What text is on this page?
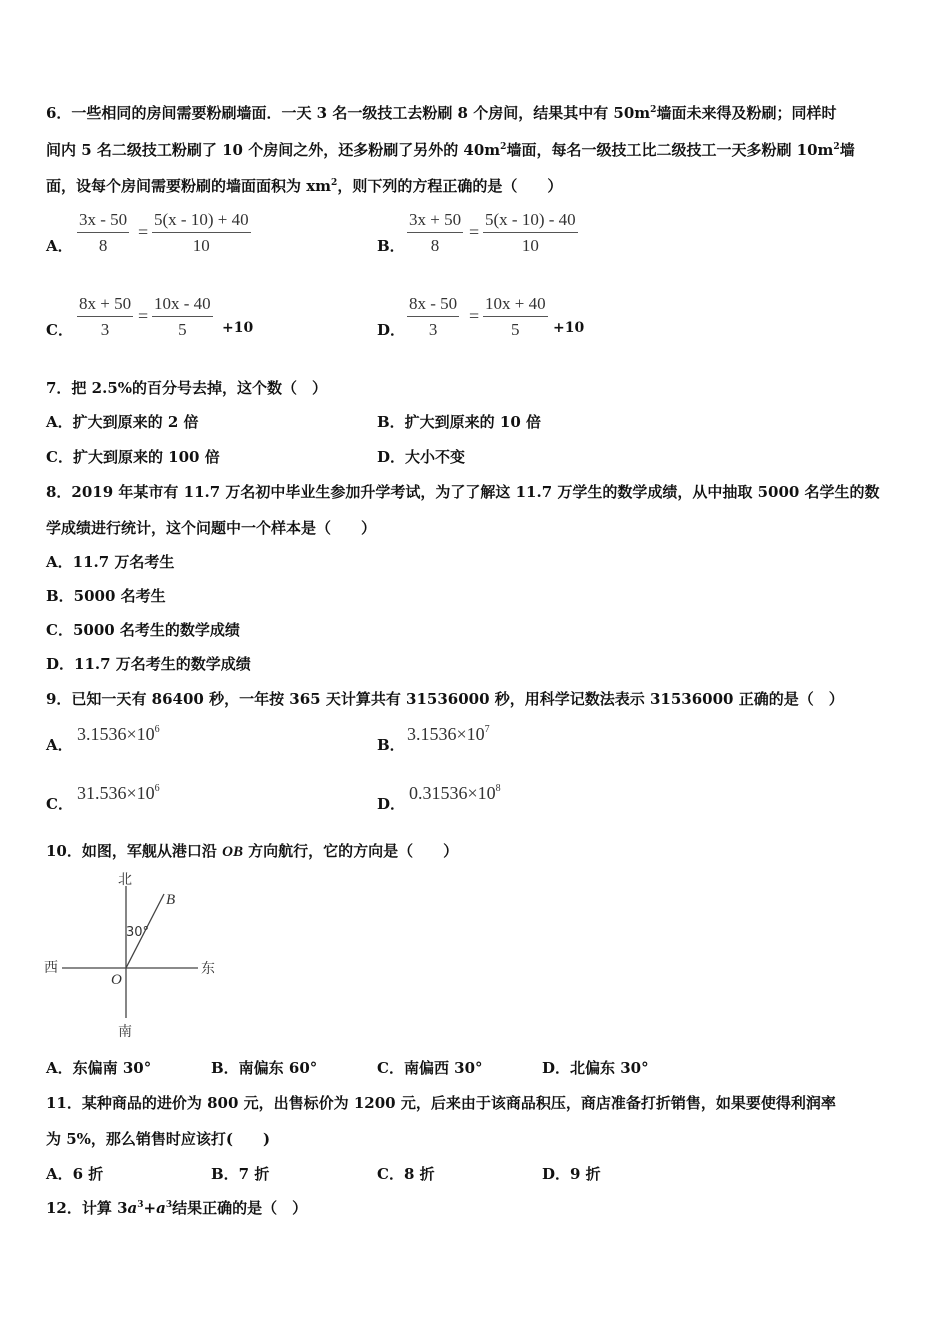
6．一些相同的房间需要粉刷墙面．一天 3 名一级技工去粉刷 8 个房间，结果其中有 $50m^2$墙面未来得及粉刷；同样时
间内 5 名二级技工粉刷了 10 个房间之外，还多粉刷了另外的 $40m^2$墙面，每名一级技工比二级技工一天多粉刷 $10m^2$墙
面，设每个房间需要粉刷的墙面面积为 $xm^2$，则下列的方程正确的是（　　）
A． $\frac{3x - 50}{8} = \frac{5(x - 10) + 40}{10}$	B． $\frac{3x + 50}{8} = \frac{5(x - 10) - 40}{10}$
C． $\frac{8x + 50}{3} = \frac{10x - 40}{5} +10$	D． $\frac{8x - 50}{3} = \frac{10x + 40}{5} +10$
7．把 2.5%的百分号去掉，这个数（　）
A．扩大到原来的 2 倍	B．扩大到原来的 10 倍
C．扩大到原来的 100 倍	D．大小不变
8．2019 年某市有 11.7 万名初中毕业生参加升学考试，为了了解这 11.7 万学生的数学成绩，从中抽取 5000 名学生的数
学成绩进行统计，这个问题中一个样本是（　　）
A．11.7 万名考生
B．5000 名考生
C．5000 名考生的数学成绩
D．11.7 万名考生的数学成绩
9．已知一天有 86400 秒，一年按 365 天计算共有 31536000 秒，用科学记数法表示 31536000 正确的是（　）
A．
$3.1536\times 10^6$
B．
$3.1536\times 10^7$
C．
$31.536\times 10^6$
D．
$0.31536\times 10^8$
10．如图，军舰从港口沿 OB 方向航行，它的方向是（　　）
北
南
西	东
O
B
30°
A．东偏南 30°	B．南偏东 60°	C．南偏西 30°	D．北偏东 30°
11．某种商品的进价为 800 元，出售标价为 1200 元，后来由于该商品积压，商店准备打折销售，如果要使得利润率
为 5%，那么销售时应该打(　　)
A．6 折	B．7 折	C．8 折	D．9 折
12．计算 $3a^3+a^3$结果正确的是（　）
